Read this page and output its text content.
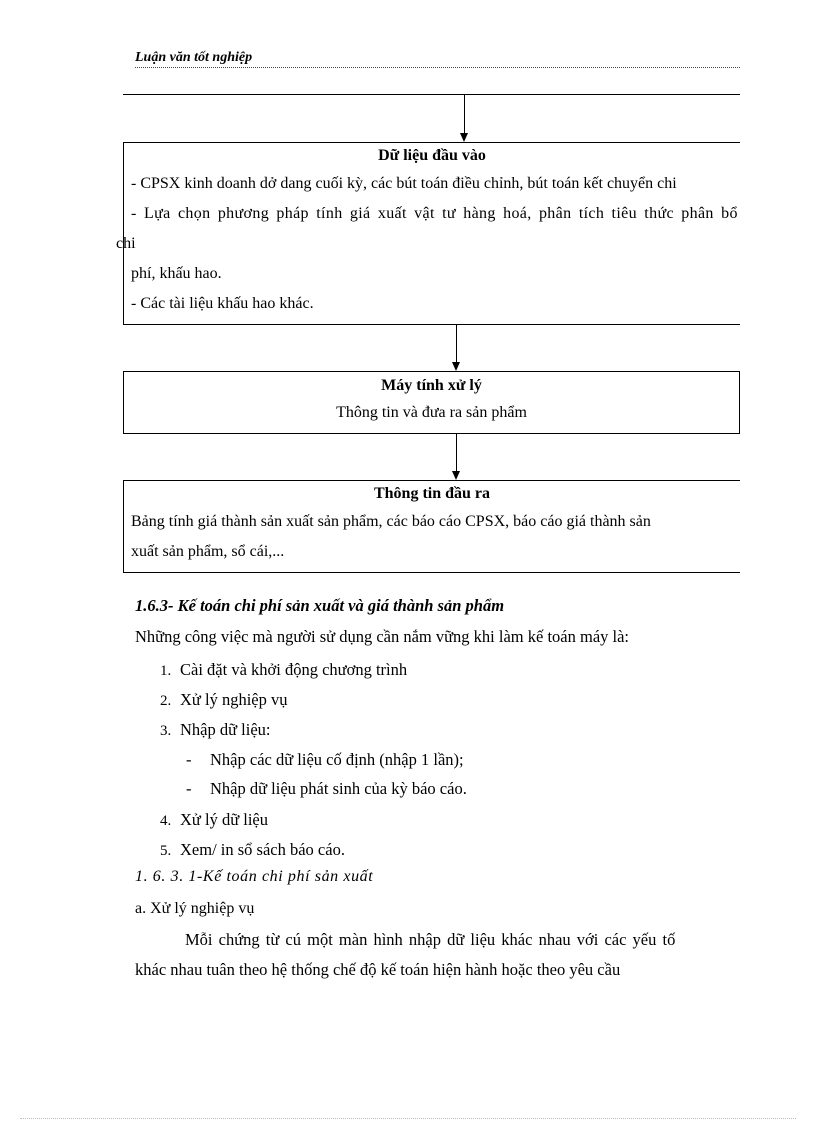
Luận văn tốt nghiệp
Dữ liệu đầu vào
- CPSX kinh doanh dở dang cuối kỳ, các bút toán điều chỉnh, bút toán kết chuyển chi
- Lựa chọn phương pháp tính giá xuất vật tư hàng hoá, phân tích tiêu thức phân bổ
chi
phí, khấu hao.
- Các tài liệu khấu hao khác.
Máy tính xử lý
Thông tin và đưa ra sản phẩm
Thông tin đầu ra
Bảng tính giá thành sản xuất sản phẩm, các báo cáo CPSX, báo cáo giá thành sản
xuất sản phẩm, sổ cái,...
1.6.3- Kế toán chi phí sản xuất và giá thành sản phẩm
Những công việc mà người sử dụng cần nắm vững khi làm kế toán máy là:
1. Cài đặt và khởi động chương trình
2. Xử lý nghiệp vụ
3. Nhập dữ liệu:
- Nhập các dữ liệu cố định (nhập 1 lần);
- Nhập dữ liệu phát sinh của kỳ báo cáo.
4. Xử lý dữ liệu
5. Xem/ in sổ sách báo cáo.
1. 6. 3. 1-Kế toán chi phí sản xuất
a. Xử lý nghiệp vụ
Mỗi chứng từ cú một màn hình nhập dữ liệu khác nhau với các yếu tố
khác nhau tuân theo hệ thống chế độ kế toán hiện hành hoặc theo yêu cầu
